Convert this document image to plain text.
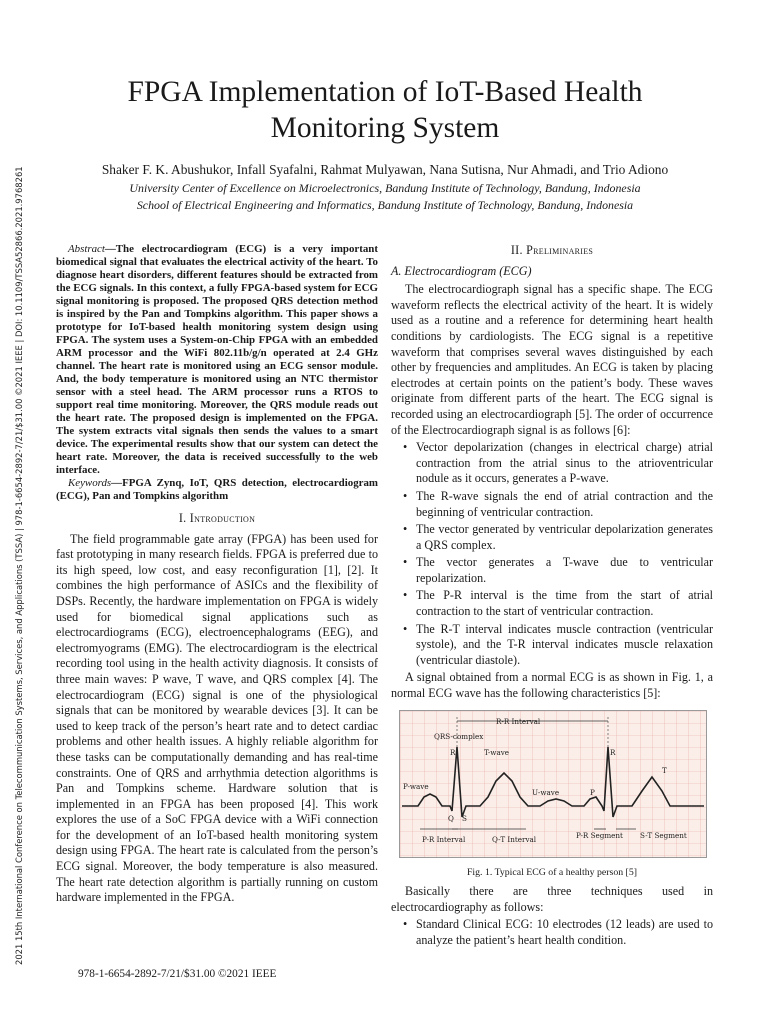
2021 15th International Conference on Telecommunication Systems, Services, and Applications (TSSA) | 978-1-6654-2892-7/21/$31.00 ©2021 IEEE | DOI: 10.1109/TSSA52866.2021.9768261
FPGA Implementation of IoT-Based Health
Monitoring System
Shaker F. K. Abushukor, Infall Syafalni, Rahmat Mulyawan, Nana Sutisna, Nur Ahmadi, and Trio Adiono
University Center of Excellence on Microelectronics, Bandung Institute of Technology, Bandung, Indonesia
School of Electrical Engineering and Informatics, Bandung Institute of Technology, Bandung, Indonesia

Abstract—The electrocardiogram (ECG) is a very important biomedical signal that evaluates the electrical activity of the heart. To diagnose heart disorders, different features should be extracted from the ECG signals. In this context, a fully FPGA-based system for ECG signal monitoring is proposed. The proposed QRS detection method is inspired by the Pan and Tompkins algorithm. This paper shows a prototype for IoT-based health monitoring system design using FPGA. The system uses a System-on-Chip FPGA with an embedded ARM processor and the WiFi 802.11b/g/n operated at 2.4 GHz channel. The heart rate is monitored using an ECG sensor module. And, the body temperature is monitored using an NTC thermistor sensor with a steel head. The ARM processor runs a RTOS to support real time monitoring. Moreover, the QRS module reads out the heart rate. The proposed design is implemented on the FPGA. The system extracts vital signals then sends the values to a smart device. The experimental results show that our system can detect the heart rate. Moreover, the data is received successfully to the web interface.

Keywords—FPGA Zynq, IoT, QRS detection, electrocardiogram (ECG), Pan and Tompkins algorithm

I. Introduction

The field programmable gate array (FPGA) has been used for fast prototyping in many research fields. FPGA is preferred due to its high speed, low cost, and easy reconfiguration [1], [2]. It combines the high performance of ASICs and the flexibility of DSPs. Recently, the hardware implementation on FPGA is widely used for biomedical signal applications such as electrocardiograms (ECG), electroencephalograms (EEG), and electromyograms (EMG). The electrocardiogram is the electrical recording tool using in the health activity diagnosis. It consists of three main waves: P wave, T wave, and QRS complex [4]. The electrocardiogram (ECG) signal is one of the physiological signals that can be monitored by wearable devices [3]. It can be used to keep track of the person’s heart rate and to detect cardiac problems and other health issues. A highly reliable algorithm for these tasks can be computationally demanding and has real-time constraints. One of QRS and arrhythmia detection algorithms is Pan and Tompkins scheme. Hardware solution that is implemented in an FPGA has been proposed [4]. This work explores the use of a SoC FPGA device with a WiFi connection for the development of an IoT-based health monitoring system design using FPGA. The heart rate is calculated from the person’s ECG signal. Moreover, the body temperature is also measured. The heart rate detection algorithm is partially running on custom hardware implemented in the FPGA.

II. Preliminaries
A. Electrocardiogram (ECG)

The electrocardiograph signal has a specific shape. The ECG waveform reflects the electrical activity of the heart. It is widely used as a routine and a reference for determining heart health conditions by cardiologists. The ECG signal is a repetitive waveform that comprises several waves distinguished by each other by frequencies and amplitudes. An ECG is taken by placing electrodes at certain points on the patient’s body. These waves originate from different parts of the heart. The ECG signal is recorded using an electrocardiograph [5]. The order of occurrence of the Electrocardiograph signal is as follows [6]:

• Vector depolarization (changes in electrical charge) atrial contraction from the atrial sinus to the atrioventricular nodule as it occurs, generates a P-wave.
• The R-wave signals the end of atrial contraction and the beginning of ventricular contraction.
• The vector generated by ventricular depolarization generates a QRS complex.
• The vector generates a T-wave due to ventricular repolarization.
• The P-R interval is the time from the start of atrial contraction to the start of ventricular contraction.
• The R-T interval indicates muscle contraction (ventricular systole), and the T-R interval indicates muscle relaxation (ventricular diastole).

A signal obtained from a normal ECG is as shown in Fig. 1, a normal ECG wave has the following characteristics [5]:

R-R Interval
QRS-complex
R	R
T-wave
T
P-wave
U-wave	P
Q S
P-R Interval	Q-T Interval	P-R Segment S-T Segment
Fig. 1. Typical ECG of a healthy person [5]

Basically there are three techniques used in electrocardiography as follows:

• Standard Clinical ECG: 10 electrodes (12 leads) are used to analyze the patient’s heart health condition.
978-1-6654-2892-7/21/$31.00 ©2021 IEEE
